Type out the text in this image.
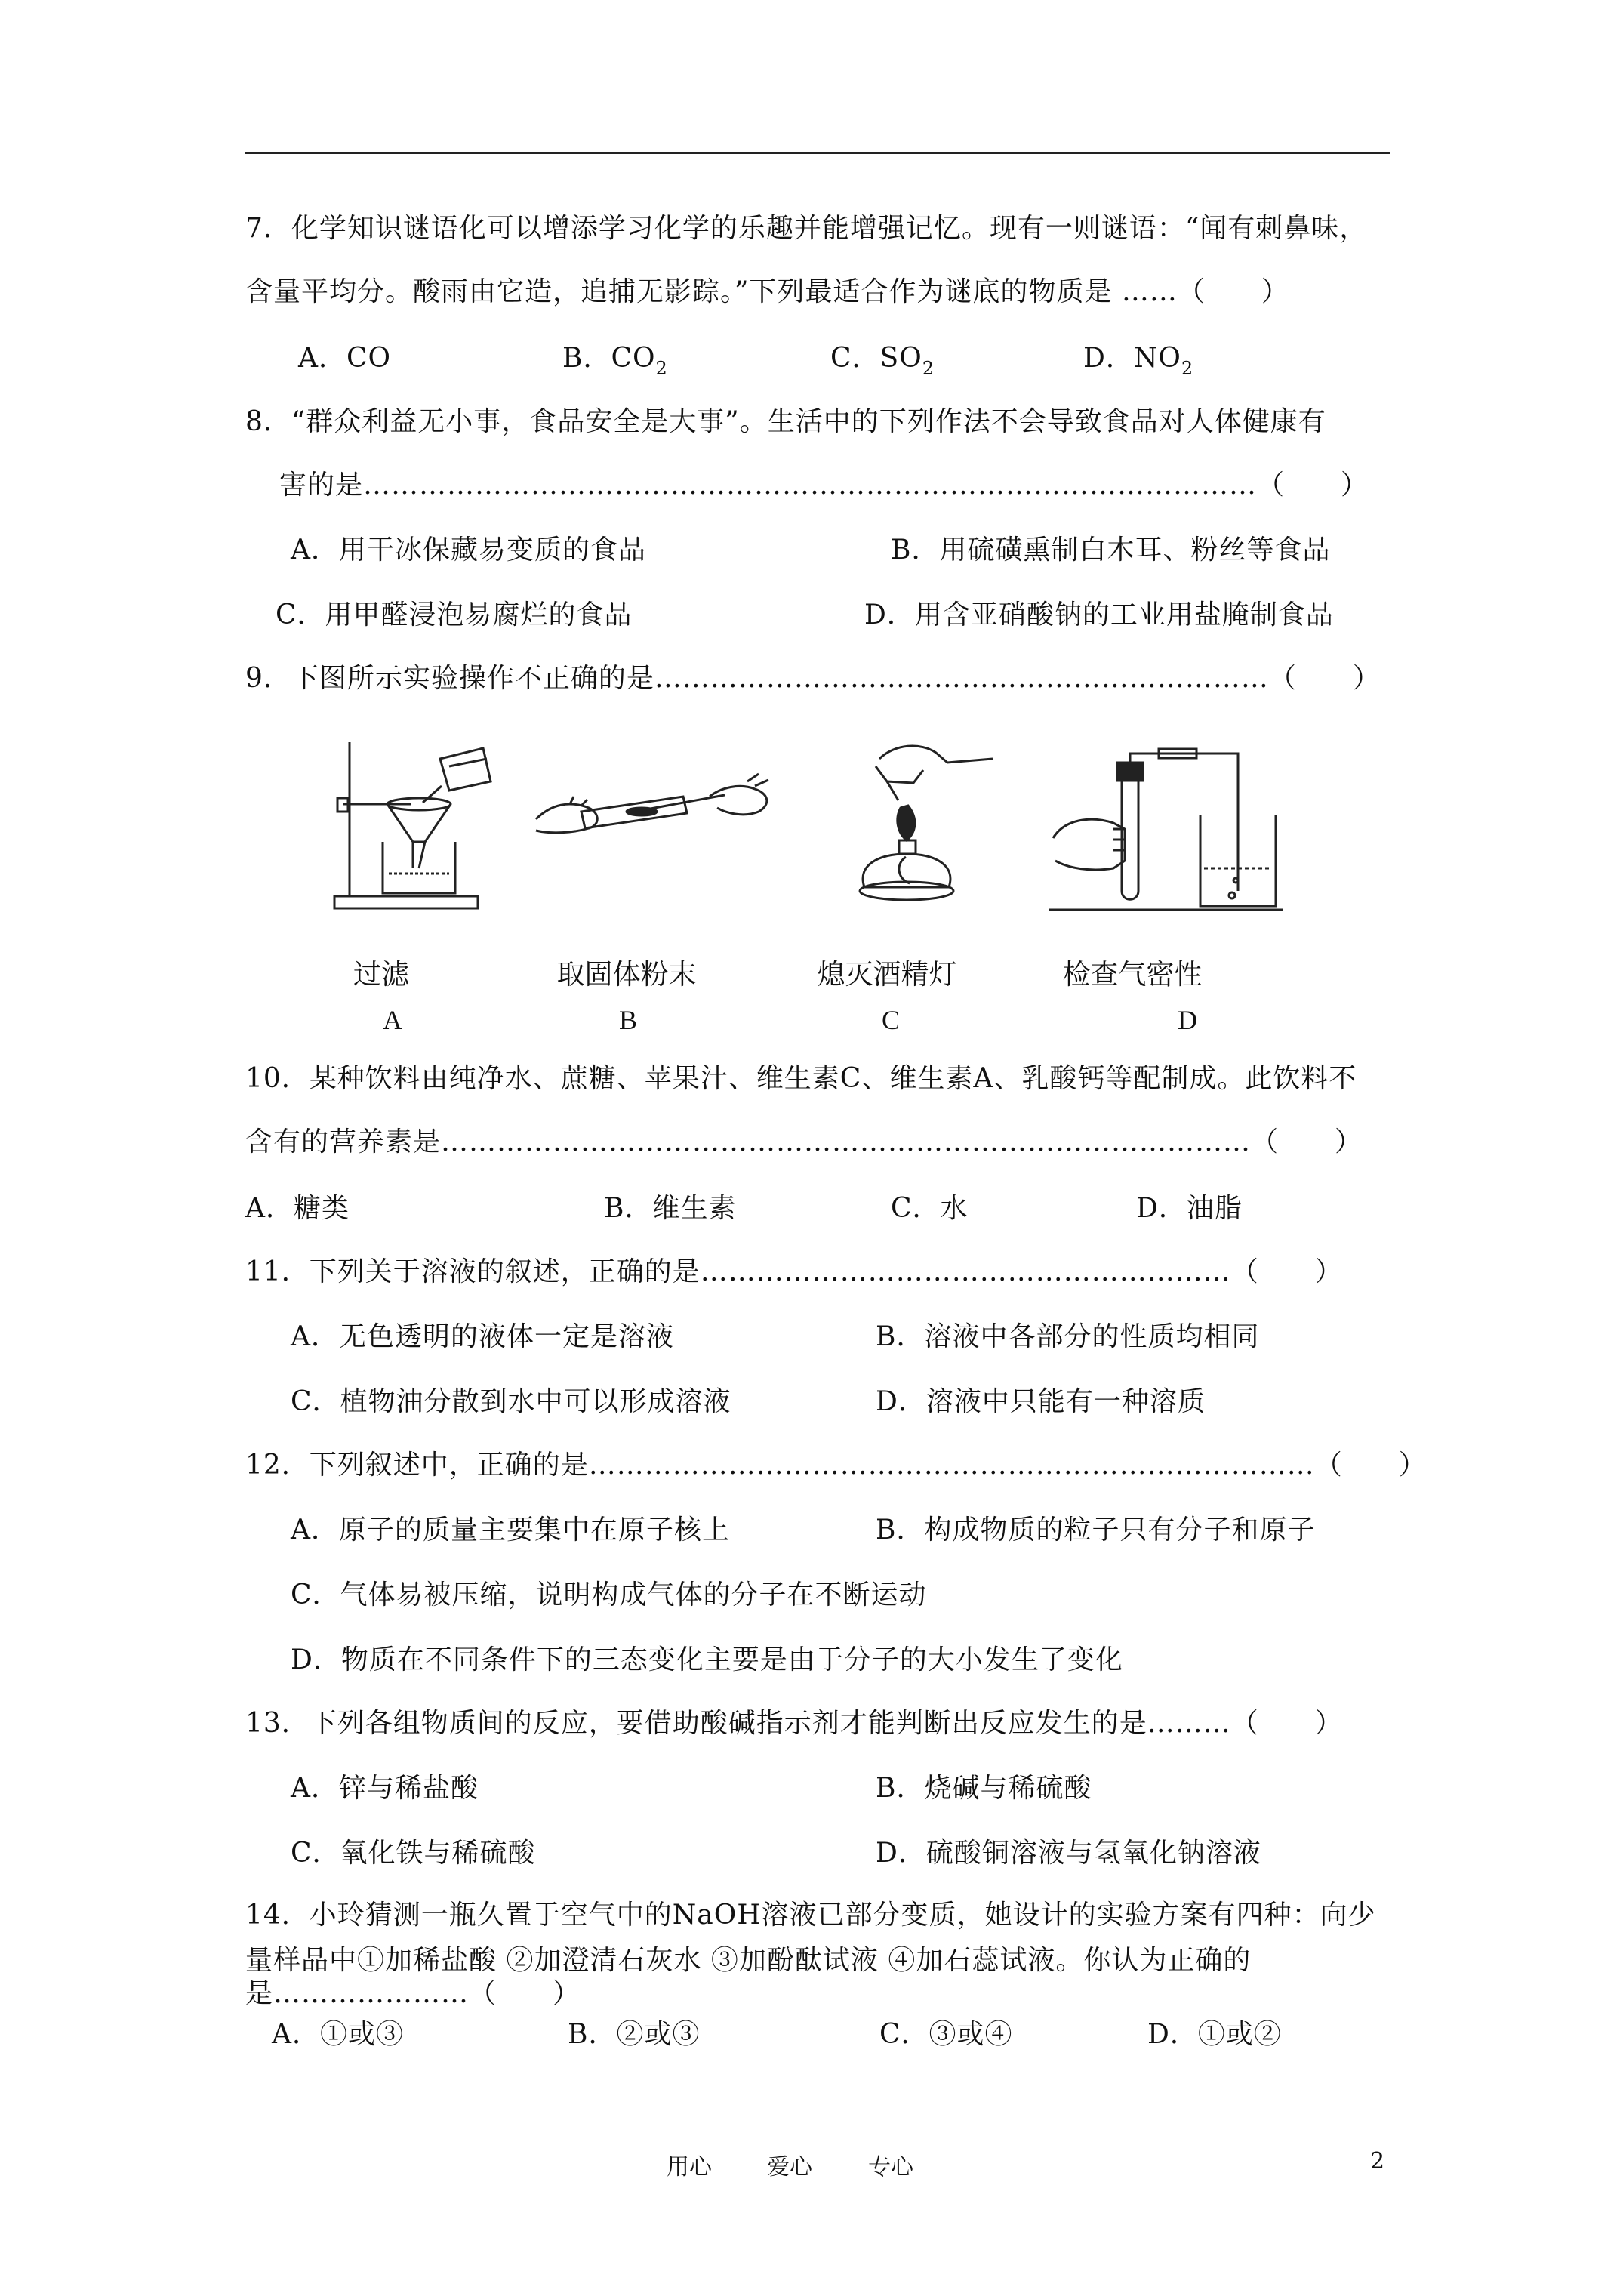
7．化学知识谜语化可以增添学习化学的乐趣并能增强记忆。现有一则谜语：“闻有刺鼻味，
含量平均分。酸雨由它造，追捕无影踪。”下列最适合作为谜底的物质是 ……（　　）
A．CO	B．$CO_2$	C．$SO_2$	D．$NO_2$
8．“群众利益无小事，食品安全是大事”。生活中的下列作法不会导致食品对人体健康有
害的是……………………………………………………………………………………（　　）
A．用干冰保藏易变质的食品	B．用硫磺熏制白木耳、粉丝等食品
C．用甲醛浸泡易腐烂的食品	D．用含亚硝酸钠的工业用盐腌制食品
9．下图所示实验操作不正确的是…………………………………………………………（　　）
过滤	取固体粉末	熄灭酒精灯	检查气密性
A	B	C	D
10．某种饮料由纯净水、蔗糖、苹果汁、维生素C、维生素A、乳酸钙等配制成。此饮料不
含有的营养素是……………………………………………………………………………（　　）
A．糖类	B．维生素	C．水	D．油脂
11．下列关于溶液的叙述，正确的是…………………………………………………（　　）
A．无色透明的液体一定是溶液	B．溶液中各部分的性质均相同
C．植物油分散到水中可以形成溶液	D．溶液中只能有一种溶质
12．下列叙述中，正确的是……………………………………………………………………（　　）
A．原子的质量主要集中在原子核上	B．构成物质的粒子只有分子和原子
C．气体易被压缩，说明构成气体的分子在不断运动
D．物质在不同条件下的三态变化主要是由于分子的大小发生了变化
13．下列各组物质间的反应，要借助酸碱指示剂才能判断出反应发生的是………（　　）
A．锌与稀盐酸	B．烧碱与稀硫酸
C．氧化铁与稀硫酸	D．硫酸铜溶液与氢氧化钠溶液
14．小玲猜测一瓶久置于空气中的NaOH溶液已部分变质，她设计的实验方案有四种：向少
量样品中①加稀盐酸 ②加澄清石灰水 ③加酚酞试液 ④加石蕊试液。你认为正确的
是…………………（　　）
A．①或③	B．②或③	C．③或④	D．①或②
用心 爱心 专心	2
